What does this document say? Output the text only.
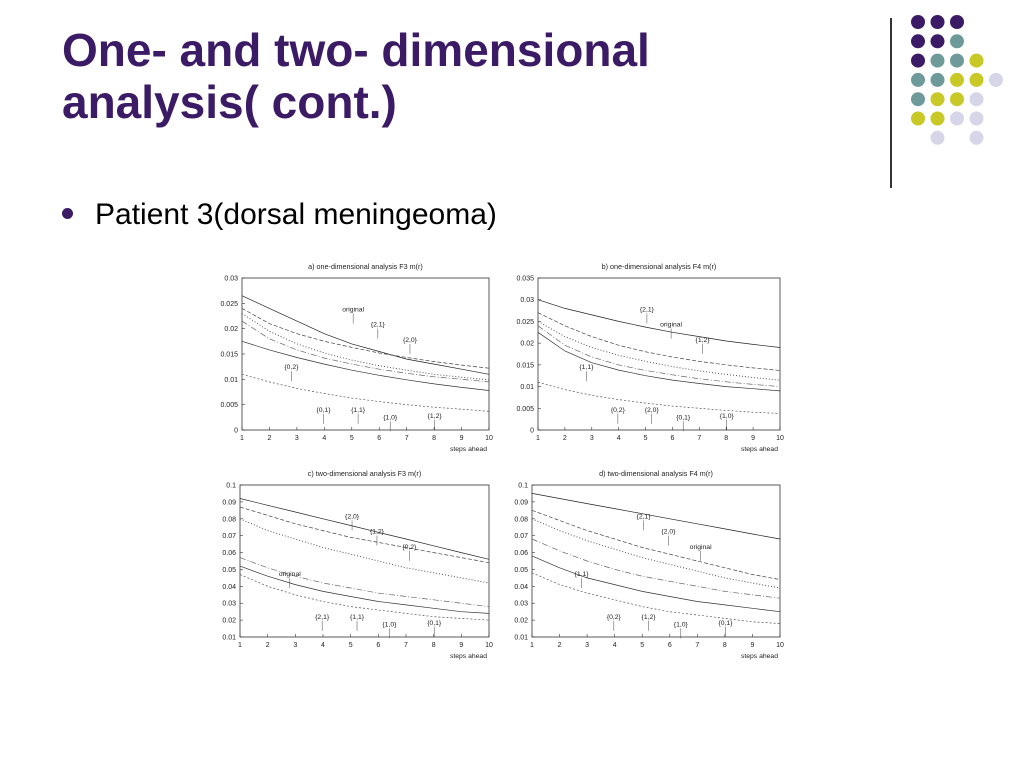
One- and two- dimensional
analysis( cont.)
Patient 3(dorsal meningeoma)
a) one-dimensional analysis F3 m(r)
0
0.005
0.01
0.015
0.02
0.025
0.03
1	2	3	4	5	6	7	8	9	10
steps ahead
original
{2,1}
{2,0}
{0,2}
{0,1}	{1,1}
{1,0}	{1,2}
b) one-dimensional analysis F4 m(r)
0
0.005
0.01
0.015
0.02
0.025
0.03
0.035
1	2	3	4	5	6	7	8	9	10
steps ahead
{2,1}
original
{1,2}
{1,1}
{0,2}	{2,0}
{0,1}	{1,0}
c) two-dimensional analysis F3 m(r)
0.01
0.02
0.03
0.04
0.05
0.06
0.07
0.08
0.09
0.1
1	2	3	4	5	6	7	8	9	10
steps ahead
{2,0}
{1,2}
{0,2}
original
{2,1}	{1,1}
{1,0}	{0,1}
d) two-dimensional analysis F4 m(r)
0.01
0.02
0.03
0.04
0.05
0.06
0.07
0.08
0.09
0.1
1	2	3	4	5	6	7	8	9	10
steps ahead
{2,1}
{2,0}
original
{1,1}
{0,2}	{1,2}
{1,0}	{0,1}
